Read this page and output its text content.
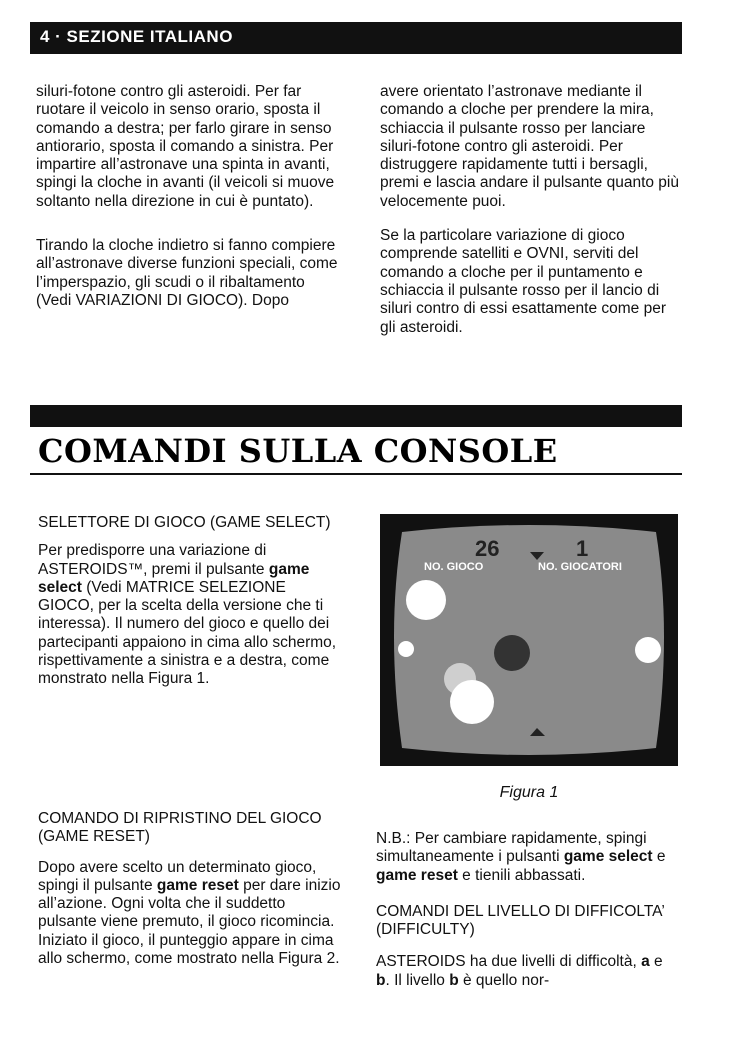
4 · SEZIONE ITALIANO

siluri-fotone contro gli asteroidi. Per far ruotare il veicolo in senso orario, sposta il comando a destra; per farlo girare in senso antiorario, sposta il comando a sinistra. Per impartire all’astronave una spinta in avanti, spingi la cloche in avanti (il veicoli si muove soltanto nella direzione in cui è puntato).

Tirando la cloche indietro si fanno compiere all’astronave diverse funzioni speciali, come l’imperspazio, gli scudi o il ribaltamento (Vedi VARIAZIONI DI GIOCO). Dopo

avere orientato l’astronave mediante il comando a cloche per prendere la mira, schiaccia il pulsante rosso per lanciare siluri-fotone contro gli asteroidi. Per distruggere rapidamente tutti i bersagli, premi e lascia andare il pulsante quanto più velocemente puoi.

Se la particolare variazione di gioco comprende satelliti e OVNI, serviti del comando a cloche per il puntamento e schiaccia il pulsante rosso per il lancio di siluri contro di essi esattamente come per gli asteroidi.

COMANDI SULLA CONSOLE
SELETTORE DI GIOCO (GAME SELECT)

Per predisporre una variazione di ASTEROIDS™, premi il pulsante game select (Vedi MATRICE SELEZIONE GIOCO, per la scelta della versione che ti interessa). Il numero del gioco e quello dei partecipanti appaiono in cima allo schermo, rispettivamente a sinistra e a destra, come monstrato nella Figura 1.

26	1
NO. GIOCO	NO. GIOCATORI
Figura 1
COMANDO DI RIPRISTINO DEL GIOCO (GAME RESET)

Dopo avere scelto un determinato gioco, spingi il pulsante game reset per dare inizio all’azione. Ogni volta che il suddetto pulsante viene premuto, il gioco ricomincia. Iniziato il gioco, il punteggio appare in cima allo schermo, come mostrato nella Figura 2.

N.B.: Per cambiare rapidamente, spingi simultaneamente i pulsanti game select e game reset e tienili abbassati.

COMANDI DEL LIVELLO DI DIFFICOLTA’ (DIFFICULTY)

ASTEROIDS ha due livelli di difficoltà, a e b. Il livello b è quello nor-
